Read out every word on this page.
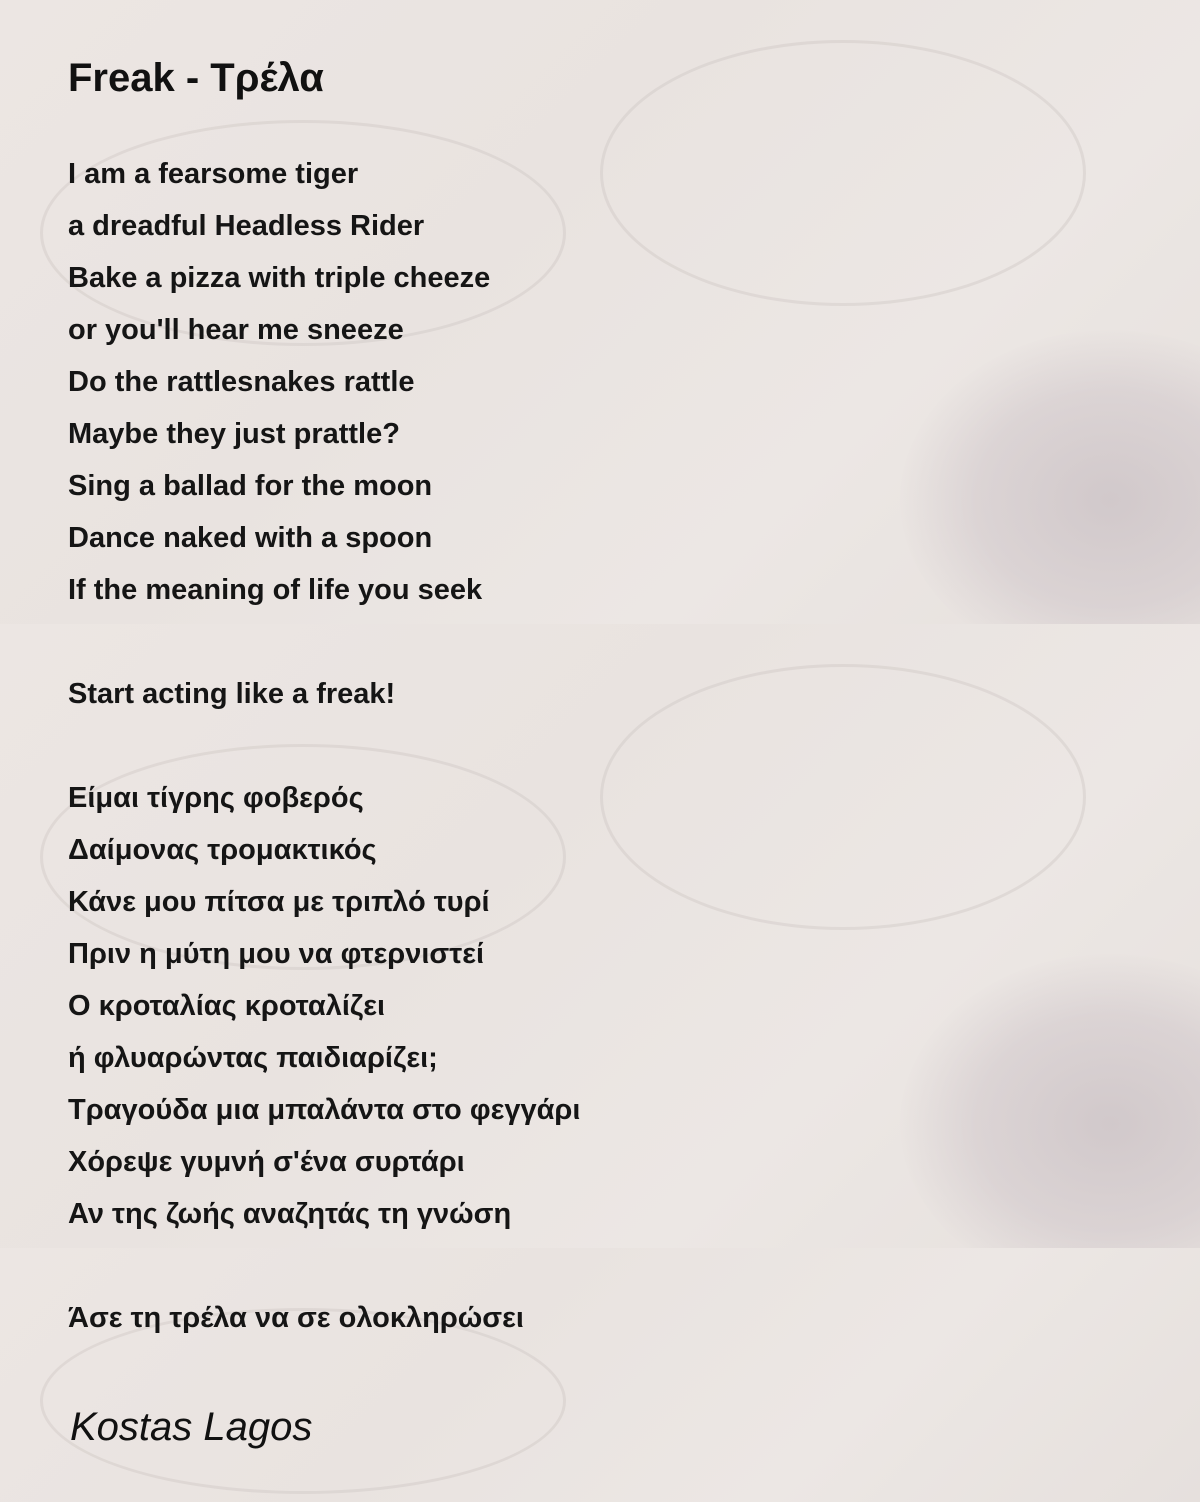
Freak - Τρέλα
I am a fearsome tiger
a dreadful Headless Rider
Bake a pizza with triple cheeze
or you'll hear me sneeze
Do the rattlesnakes rattle
Maybe they just prattle?
Sing a ballad for the moon
Dance naked with a spoon
If the meaning of life you seek
Start acting like a freak!
Είμαι τίγρης φοβερός
Δαίμονας τρομακτικός
Κάνε μου πίτσα με τριπλό τυρί
Πριν η μύτη μου να φτερνιστεί
Ο κροταλίας κροταλίζει
ή φλυαρώντας παιδιαρίζει;
Τραγούδα μια μπαλάντα στο φεγγάρι
Χόρεψε γυμνή σ'ένα συρτάρι
Αν της ζωής αναζητάς τη γνώση
Άσε τη τρέλα να σε ολοκληρώσει
Kostas Lagos
